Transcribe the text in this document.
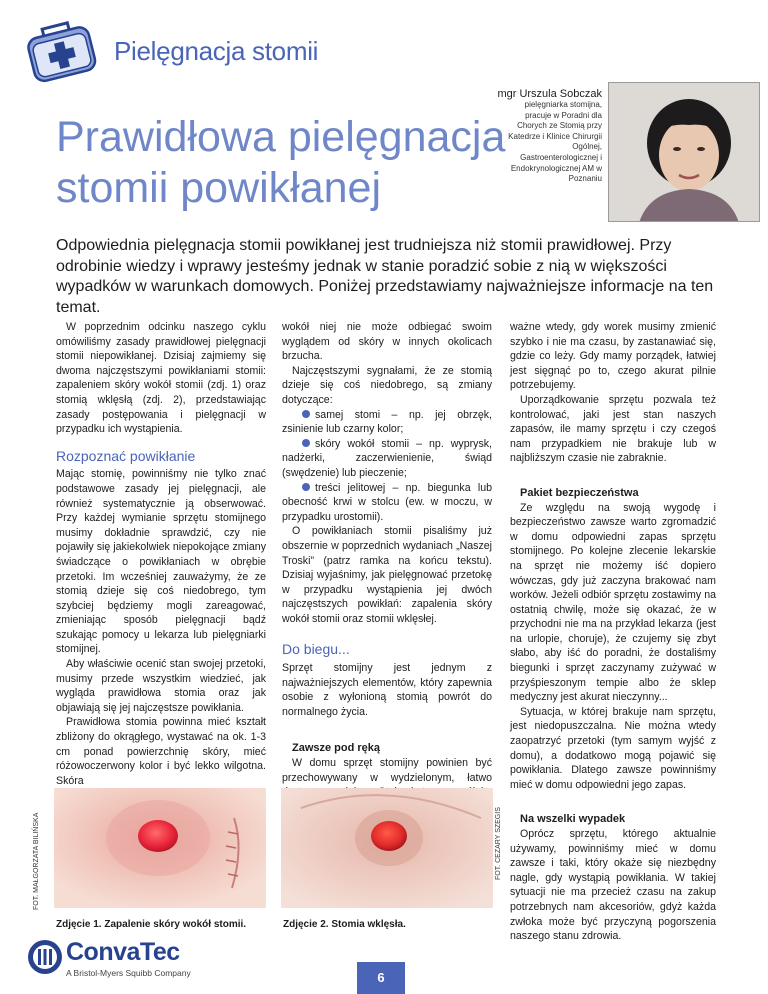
Pielęgnacja stomii
Prawidłowa pielęgnacja stomii powikłanej
mgr Urszula Sobczak
pielęgniarka stomijna, pracuje w Poradni dla Chorych ze Stomią przy Katedrze i Klinice Chirurgii Ogólnej, Gastroenterologicznej i Endokrynologicznej AM w Poznaniu
Odpowiednia pielęgnacja stomii powikłanej jest trudniejsza niż stomii prawidłowej. Przy odrobinie wiedzy i wprawy jesteśmy jednak w stanie poradzić sobie z nią w większości wypadków w warunkach domowych. Poniżej przedstawiamy najważniejsze informacje na ten temat.

W poprzednim odcinku naszego cyklu omówiliśmy zasady prawidłowej pielęgnacji stomii niepowikłanej. Dzisiaj zajmiemy się dwoma najczęstszymi powikłaniami stomii: zapaleniem skóry wokół stomii (zdj. 1) oraz stomią wklęsłą (zdj. 2), przedstawiając zasady postępowania i pielęgnacji w przypadku ich wystąpienia.

Rozpoznać powikłanie

Mając stomię, powinniśmy nie tylko znać podstawowe zasady jej pielęgnacji, ale również systematycznie ją obserwować. Przy każdej wymianie sprzętu stomijnego musimy dokładnie sprawdzić, czy nie pojawiły się jakiekolwiek niepokojące zmiany świadczące o powikłaniach w obrębie przetoki. Im wcześniej zauważymy, że ze stomią dzieje się coś niedobrego, tym szybciej będziemy mogli zareagować, zmieniając sposób pielęgnacji bądź szukając pomocy u lekarza lub pielęgniarki stomijnej.

Aby właściwie ocenić stan swojej przetoki, musimy przede wszystkim wiedzieć, jak wygląda prawidłowa stomia oraz jak objawiają się jej najczęstsze powikłania.

Prawidłowa stomia powinna mieć kształt zbliżony do okrągłego, wystawać na ok. 1-3 cm ponad powierzchnię skóry, mieć różowoczerwony kolor i być lekko wilgotna. Skóra

wokół niej nie może odbiegać swoim wyglądem od skóry w innych okolicach brzucha.

Najczęstszymi sygnałami, że ze stomią dzieje się coś niedobrego, są zmiany dotyczące:

samej stomi – np. jej obrzęk, zsinienie lub czarny kolor;

skóry wokół stomii – np. wyprysk, nadżerki, zaczerwienienie, świąd (swędzenie) lub pieczenie;

treści jelitowej – np. biegunka lub obecność krwi w stolcu (ew. w moczu, w przypadku urostomii).

O powikłaniach stomii pisaliśmy już obszernie w poprzednich wydaniach „Naszej Troski” (patrz ramka na końcu tekstu). Dzisiaj wyjaśnimy, jak pielęgnować przetokę w przypadku wystąpienia jej dwóch najczęstszych powikłań: zapalenia skóry wokół stomii oraz stomii wklęsłej.

Do biegu...

Sprzęt stomijny jest jednym z najważniejszych elementów, który zapewnia osobie z wyłonioną stomią powrót do normalnego życia.

Zawsze pod ręką

W domu sprzęt stomijny powinien być przechowywany w wydzielonym, łatwo

ważne wtedy, gdy worek musimy zmienić szybko i nie ma czasu, by zastanawiać się, gdzie co leży. Gdy mamy porządek, łatwiej jest sięgnąć po to, czego akurat pilnie potrzebujemy.

Uporządkowanie sprzętu pozwala też kontrolować, jaki jest stan naszych zapasów, ile mamy sprzętu i czy czegoś nam przypadkiem nie brakuje lub w najbliższym czasie nie zabraknie.

Pakiet bezpieczeństwa

Ze względu na swoją wygodę i bezpieczeństwo zawsze warto zgromadzić w domu odpowiedni zapas sprzętu stomijnego. Po kolejne zlecenie lekarskie na sprzęt nie możemy iść dopiero wówczas, gdy już zaczyna brakować nam worków. Jeżeli odbiór sprzętu zostawimy na ostatnią chwilę, może się okazać, że w przychodni nie ma na przykład lekarza (jest na urlopie, choruje), że czujemy się zbyt słabo, aby iść do poradni, że dostaliśmy biegunki i sprzęt zaczynamy zużywać w przyśpieszonym tempie albo że sklep medyczny jest akurat nieczynny...

Sytuacja, w której brakuje nam sprzętu, jest niedopuszczalna. Nie można wtedy zaopatrzyć przetoki (tym samym wyjść z domu), a dodatkowo mogą pojawić się powikłania. Dlatego zawsze powinniśmy mieć w domu odpowiedni jego zapas.

Na wszelki wypadek

Oprócz sprzętu, którego aktualnie używamy, powinniśmy mieć w domu zawsze i taki, który okaże się niezbędny nagle, gdy wystąpią powikłania. W takiej sytuacji nie ma przecież czasu na zakup potrzebnych nam akcesoriów, gdyż każda zwłoka może być przyczyną pogorszenia naszego stanu zdrowia.

FOT. MAŁGORZATA BILIŃSKA	FOT. CEZARY SZEGIS
Zdjęcie 1. Zapalenie skóry wokół stomii.	Zdjęcie 2. Stomia wklęsła.
ConvaTec
A Bristol-Myers Squibb Company	6
